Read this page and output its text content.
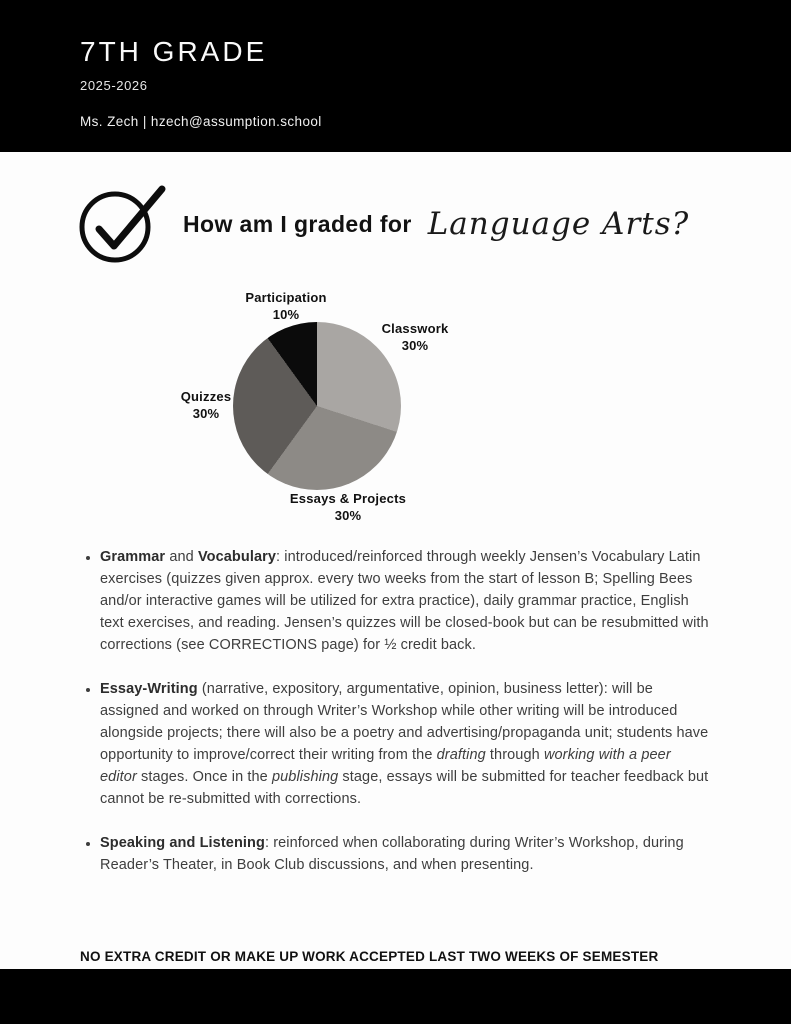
7TH GRADE
2025-2026
Ms. Zech | hzech@assumption.school
How am I graded for Language Arts?
Participation
10%
Classwork
30%
Quizzes
30%
Essays & Projects
30%
• Grammar and Vocabulary: introduced/reinforced through weekly Jensen’s Vocabulary Latin exercises (quizzes given approx. every two weeks from the start of lesson B; Spelling Bees and/or interactive games will be utilized for extra practice), daily grammar practice, English text exercises, and reading. Jensen’s quizzes will be closed-book but can be resubmitted with corrections (see CORRECTIONS page) for ½ credit back.
• Essay-Writing (narrative, expository, argumentative, opinion, business letter): will be assigned and worked on through Writer’s Workshop while other writing will be introduced alongside projects; there will also be a poetry and advertising/propaganda unit; students have opportunity to improve/correct their writing from the drafting through working with a peer editor stages. Once in the publishing stage, essays will be submitted for teacher feedback but cannot be re-submitted with corrections.
• Speaking and Listening: reinforced when collaborating during Writer’s Workshop, during Reader’s Theater, in Book Club discussions, and when presenting.
NO EXTRA CREDIT OR MAKE UP WORK ACCEPTED LAST TWO WEEKS OF SEMESTER
